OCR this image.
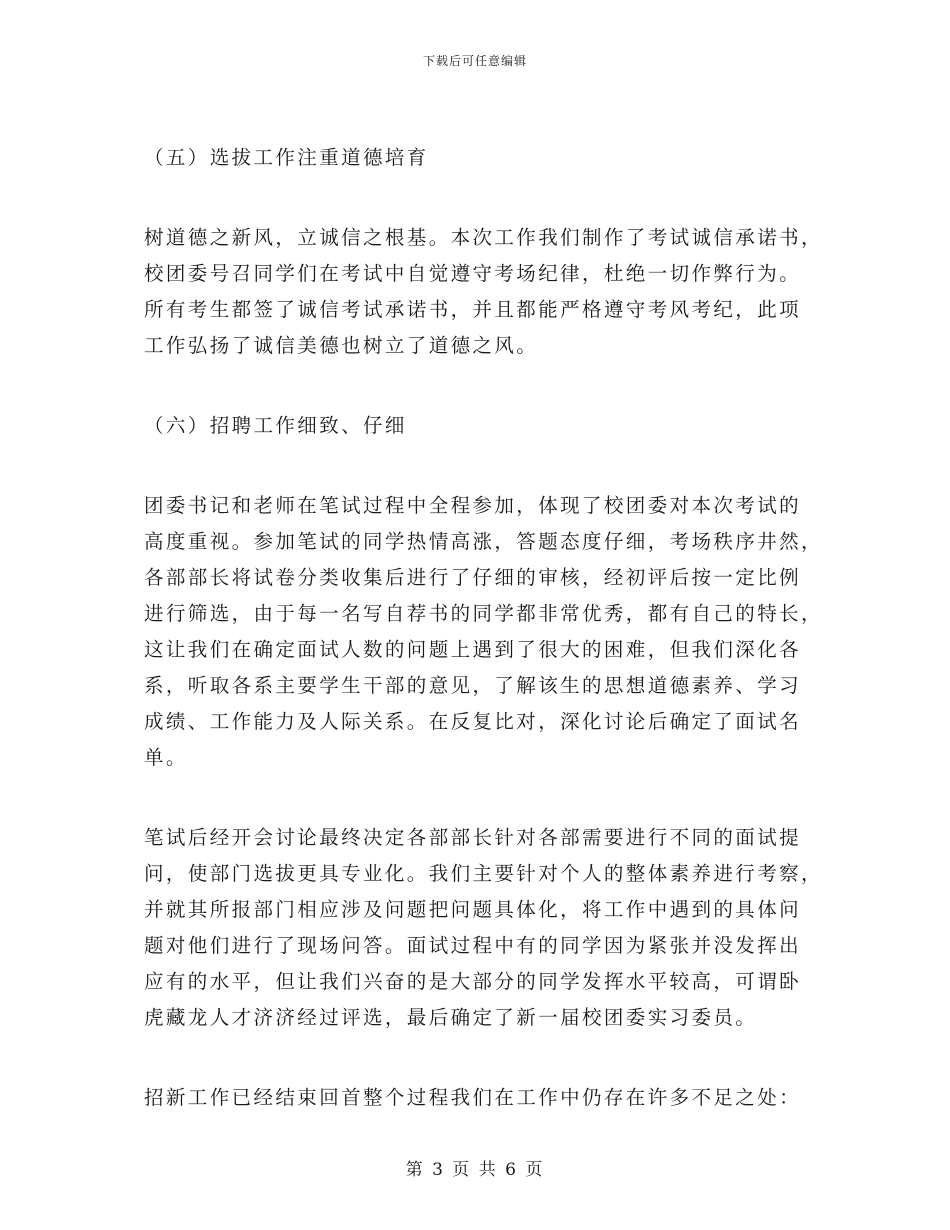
下载后可任意编辑
（五）选拔工作注重道德培育
树道德之新风，立诚信之根基。本次工作我们制作了考试诚信承诺书，
校团委号召同学们在考试中自觉遵守考场纪律，杜绝一切作弊行为。
所有考生都签了诚信考试承诺书，并且都能严格遵守考风考纪，此项
工作弘扬了诚信美德也树立了道德之风。
（六）招聘工作细致、仔细
团委书记和老师在笔试过程中全程参加，体现了校团委对本次考试的
高度重视。参加笔试的同学热情高涨，答题态度仔细，考场秩序井然，
各部部长将试卷分类收集后进行了仔细的审核，经初评后按一定比例
进行筛选，由于每一名写自荐书的同学都非常优秀，都有自己的特长，
这让我们在确定面试人数的问题上遇到了很大的困难，但我们深化各
系，听取各系主要学生干部的意见，了解该生的思想道德素养、学习
成绩、工作能力及人际关系。在反复比对，深化讨论后确定了面试名
单。
笔试后经开会讨论最终决定各部部长针对各部需要进行不同的面试提
问，使部门选拔更具专业化。我们主要针对个人的整体素养进行考察，
并就其所报部门相应涉及问题把问题具体化，将工作中遇到的具体问
题对他们进行了现场问答。面试过程中有的同学因为紧张并没发挥出
应有的水平，但让我们兴奋的是大部分的同学发挥水平较高，可谓卧
虎藏龙人才济济经过评选，最后确定了新一届校团委实习委员。
招新工作已经结束回首整个过程我们在工作中仍存在许多不足之处：
第 3 页 共 6 页
